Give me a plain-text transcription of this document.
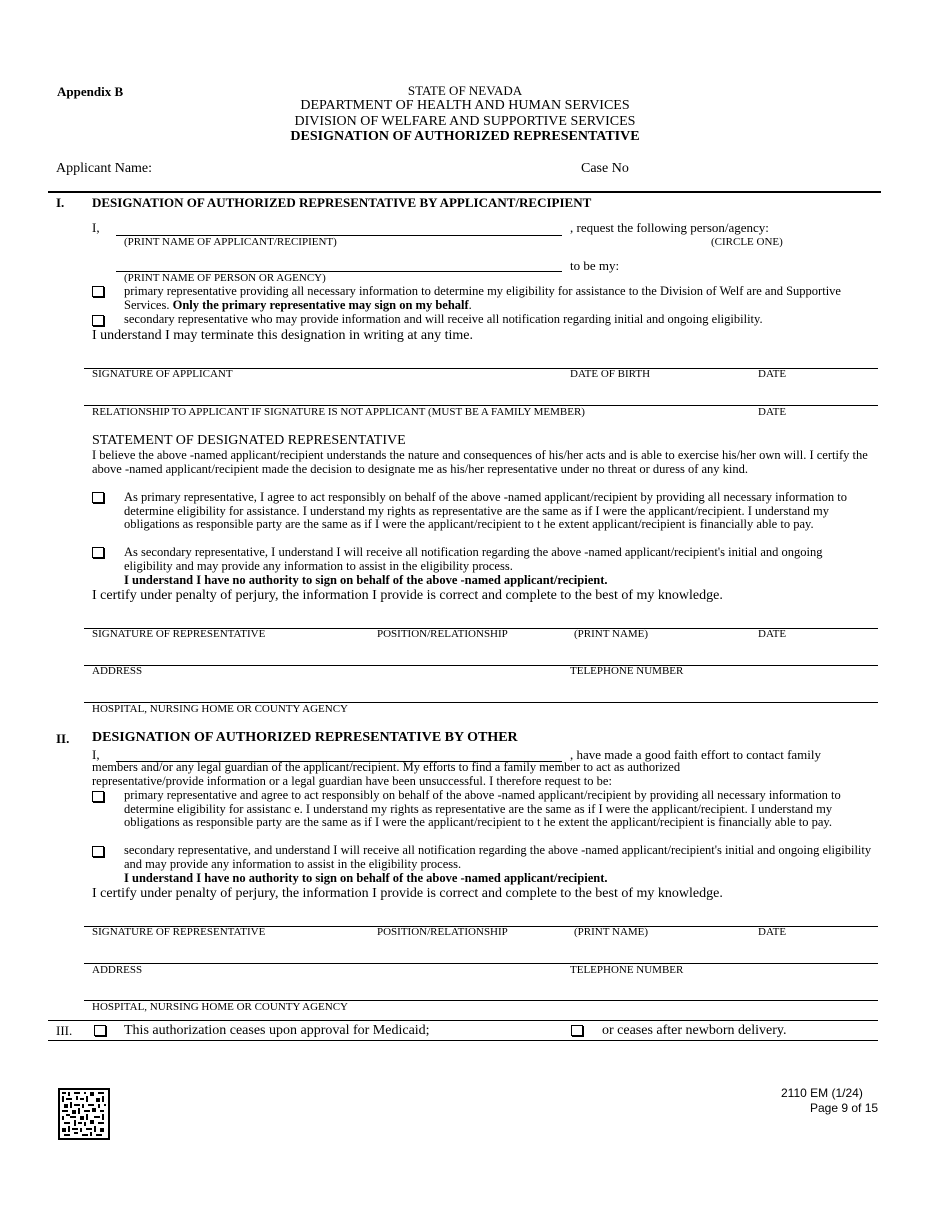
Appendix B	STATE OF NEVADA
DEPARTMENT OF HEALTH AND HUMAN SERVICES
DIVISION OF WELFARE AND SUPPORTIVE SERVICES
DESIGNATION OF AUTHORIZED REPRESENTATIVE
Applicant Name:	Case No
I. DESIGNATION OF AUTHORIZED REPRESENTATIVE BY APPLICANT/RECIPIENT
I,	, request the following person/agency:
(PRINT NAME OF APPLICANT/RECIPIENT)	(CIRCLE ONE)
to be my:
(PRINT NAME OF PERSON OR AGENCY)
primary representative providing all necessary information to determine my eligibility for assistance to the Division of Welf are and Supportive Services. Only the primary representative may sign on my behalf.
secondary representative who may provide information and will receive all notification regarding initial and ongoing eligibility.
I understand I may terminate this designation in writing at any time.
SIGNATURE OF APPLICANT	DATE OF BIRTH	DATE
RELATIONSHIP TO APPLICANT IF SIGNATURE IS NOT APPLICANT (MUST BE A FAMILY MEMBER)	DATE
STATEMENT OF DESIGNATED REPRESENTATIVE
I believe the above -named applicant/recipient understands the nature and consequences of his/her acts and is able to exercise his/her own will. I certify the above -named applicant/recipient made the decision to designate me as his/her representative under no threat or duress of any kind.
As primary representative, I agree to act responsibly on behalf of the above -named applicant/recipient by providing all necessary information to determine eligibility for assistance. I understand my rights as representative are the same as if I were the applicant/recipient. I understand my obligations as responsible party are the same as if I were the applicant/recipient to t he extent applicant/recipient is financially able to pay.
As secondary representative, I understand I will receive all notification regarding the above -named applicant/recipient's initial and ongoing eligibility and may provide any information to assist in the eligibility process.
I understand I have no authority to sign on behalf of the above -named applicant/recipient.
I certify under penalty of perjury, the information I provide is correct and complete to the best of my knowledge.
SIGNATURE OF REPRESENTATIVE	POSITION/RELATIONSHIP	(PRINT NAME)	DATE
ADDRESS	TELEPHONE NUMBER
HOSPITAL, NURSING HOME OR COUNTY AGENCY
II. DESIGNATION OF AUTHORIZED REPRESENTATIVE BY OTHER
I,	, have made a good faith effort to contact family
members and/or any legal guardian of the applicant/recipient. My efforts to find a family member to act as authorized representative/provide information or a legal guardian have been unsuccessful. I therefore request to be:
primary representative and agree to act responsibly on behalf of the above -named applicant/recipient by providing all necessary information to determine eligibility for assistanc e. I understand my rights as representative are the same as if I were the applicant/recipient. I understand my obligations as responsible party are the same as if I were the applicant/recipient to t he extent the applicant/recipient is financially able to pay.
secondary representative, and understand I will receive all notification regarding the above -named applicant/recipient's initial and ongoing eligibility and may provide any information to assist in the eligibility process.
I understand I have no authority to sign on behalf of the above -named applicant/recipient.
I certify under penalty of perjury, the information I provide is correct and complete to the best of my knowledge.
SIGNATURE OF REPRESENTATIVE	POSITION/RELATIONSHIP	(PRINT NAME)	DATE
ADDRESS	TELEPHONE NUMBER
HOSPITAL, NURSING HOME OR COUNTY AGENCY
III.	This authorization ceases upon approval for Medicaid;	or ceases after newborn delivery.
2110 EM (1/24)
Page 9 of 15
